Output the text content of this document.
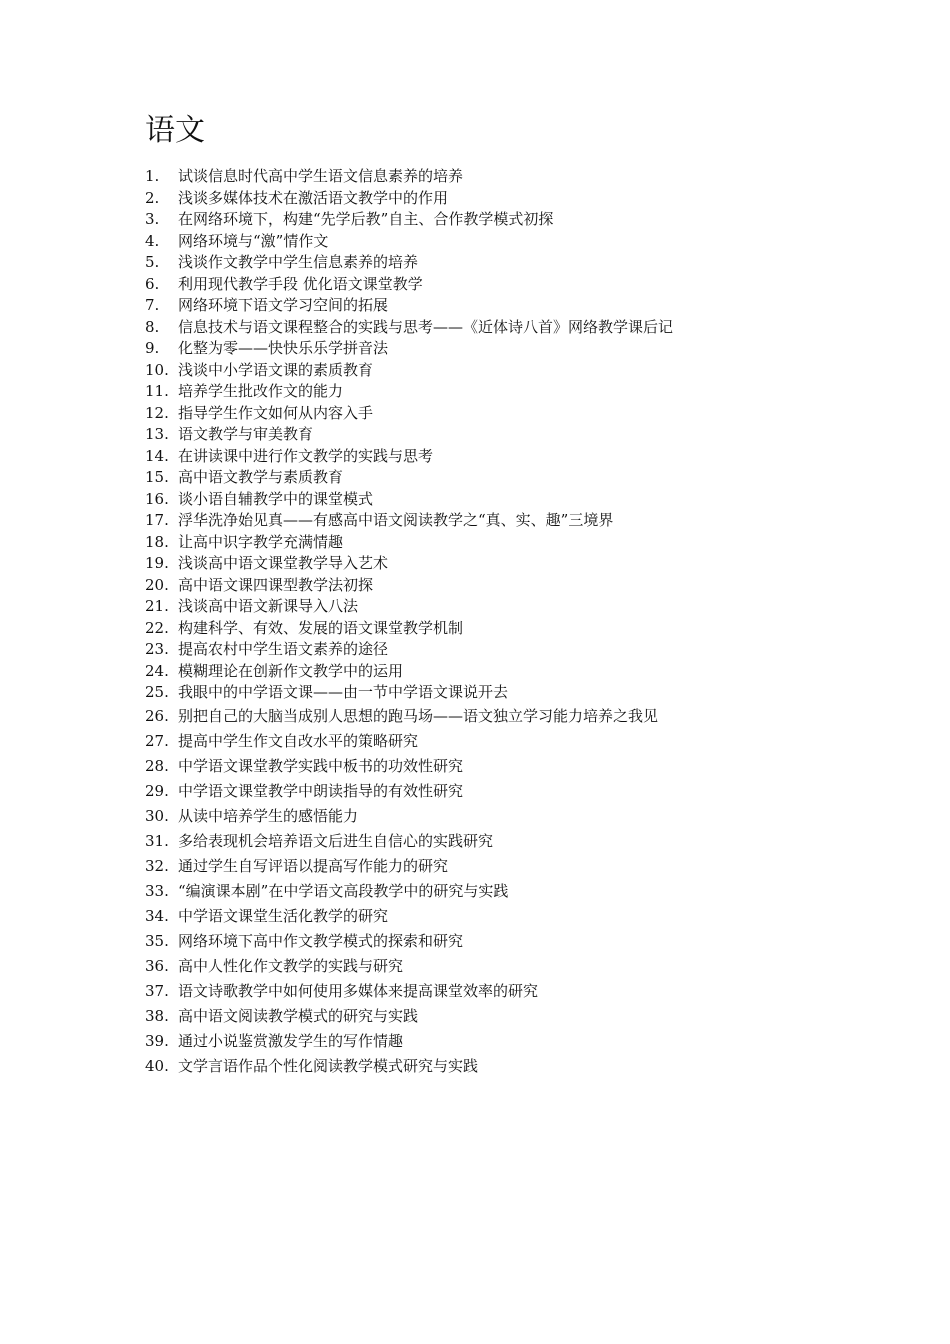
语文
1.	试谈信息时代高中学生语文信息素养的培养
2.	浅谈多媒体技术在激活语文教学中的作用
3.	在网络环境下，构建“先学后教”自主、合作教学模式初探
4.	网络环境与“激”情作文
5.	浅谈作文教学中学生信息素养的培养
6.	利用现代教学手段 优化语文课堂教学
7.	网络环境下语文学习空间的拓展
8.	信息技术与语文课程整合的实践与思考——《近体诗八首》网络教学课后记
9.	化整为零——快快乐乐学拼音法
10. 浅谈中小学语文课的素质教育
11. 培养学生批改作文的能力
12. 指导学生作文如何从内容入手
13. 语文教学与审美教育
14. 在讲读课中进行作文教学的实践与思考
15. 高中语文教学与素质教育
16. 谈小语自辅教学中的课堂模式
17. 浮华洗净始见真——有感高中语文阅读教学之“真、实、趣”三境界
18. 让高中识字教学充满情趣
19. 浅谈高中语文课堂教学导入艺术
20. 高中语文课四课型教学法初探
21. 浅谈高中语文新课导入八法
22. 构建科学、有效、发展的语文课堂教学机制
23. 提高农村中学生语文素养的途径
24. 模糊理论在创新作文教学中的运用
25. 我眼中的中学语文课——由一节中学语文课说开去
26. 别把自己的大脑当成别人思想的跑马场——语文独立学习能力培养之我见
27. 提高中学生作文自改水平的策略研究
28. 中学语文课堂教学实践中板书的功效性研究
29. 中学语文课堂教学中朗读指导的有效性研究
30. 从读中培养学生的感悟能力
31. 多给表现机会培养语文后进生自信心的实践研究
32. 通过学生自写评语以提高写作能力的研究
33. “编演课本剧”在中学语文高段教学中的研究与实践
34. 中学语文课堂生活化教学的研究
35. 网络环境下高中作文教学模式的探索和研究
36. 高中人性化作文教学的实践与研究
37. 语文诗歌教学中如何使用多媒体来提高课堂效率的研究
38. 高中语文阅读教学模式的研究与实践
39. 通过小说鉴赏激发学生的写作情趣
40. 文学言语作品个性化阅读教学模式研究与实践
